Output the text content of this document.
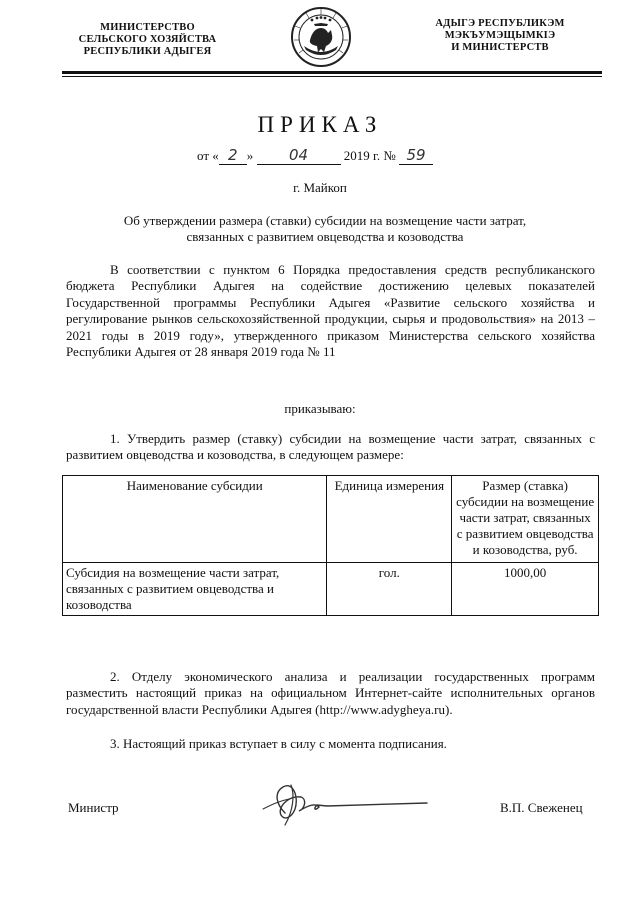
МИНИСТЕРСТВО
СЕЛЬСКОГО ХОЗЯЙСТВА
РЕСПУБЛИКИ АДЫГЕЯ
АДЫГЭ РЕСПУБЛИКЭМ
МЭКЪУМЭЩЫМКIЭ
И МИНИСТЕРСТВ
ПРИКАЗ
от « 2 » 04	2019 г. № 59
г. Майкоп
Об утверждении размера (ставки) субсидии на возмещение части затрат, связанных с развитием овцеводства и козоводства
В соответствии с пунктом 6 Порядка предоставления средств республиканского бюджета Республики Адыгея на содействие достижению целевых показателей Государственной программы Республики Адыгея «Развитие сельского хозяйства и регулирование рынков сельскохозяйственной продукции, сырья и продовольствия» на 2013 – 2021 годы в 2019 году», утвержденного приказом Министерства сельского хозяйства Республики Адыгея от 28 января 2019 года № 11
приказываю:
1. Утвердить размер (ставку) субсидии на возмещение части затрат, связанных с развитием овцеводства и козоводства, в следующем размере:
Наименование субсидии	Единица измерения	Размер (ставка) субсидии на возмещение части затрат, связанных с развитием овцеводства и козоводства, руб.
Субсидия на возмещение части затрат, связанных с развитием овцеводства и козоводства	гол.	1000,00
2. Отделу экономического анализа и реализации государственных программ разместить настоящий приказ на официальном Интернет-сайте исполнительных органов государственной власти Республики Адыгея (http://www.adygheya.ru).
3. Настоящий приказ вступает в силу с момента подписания.
Министр	В.П. Свеженец
